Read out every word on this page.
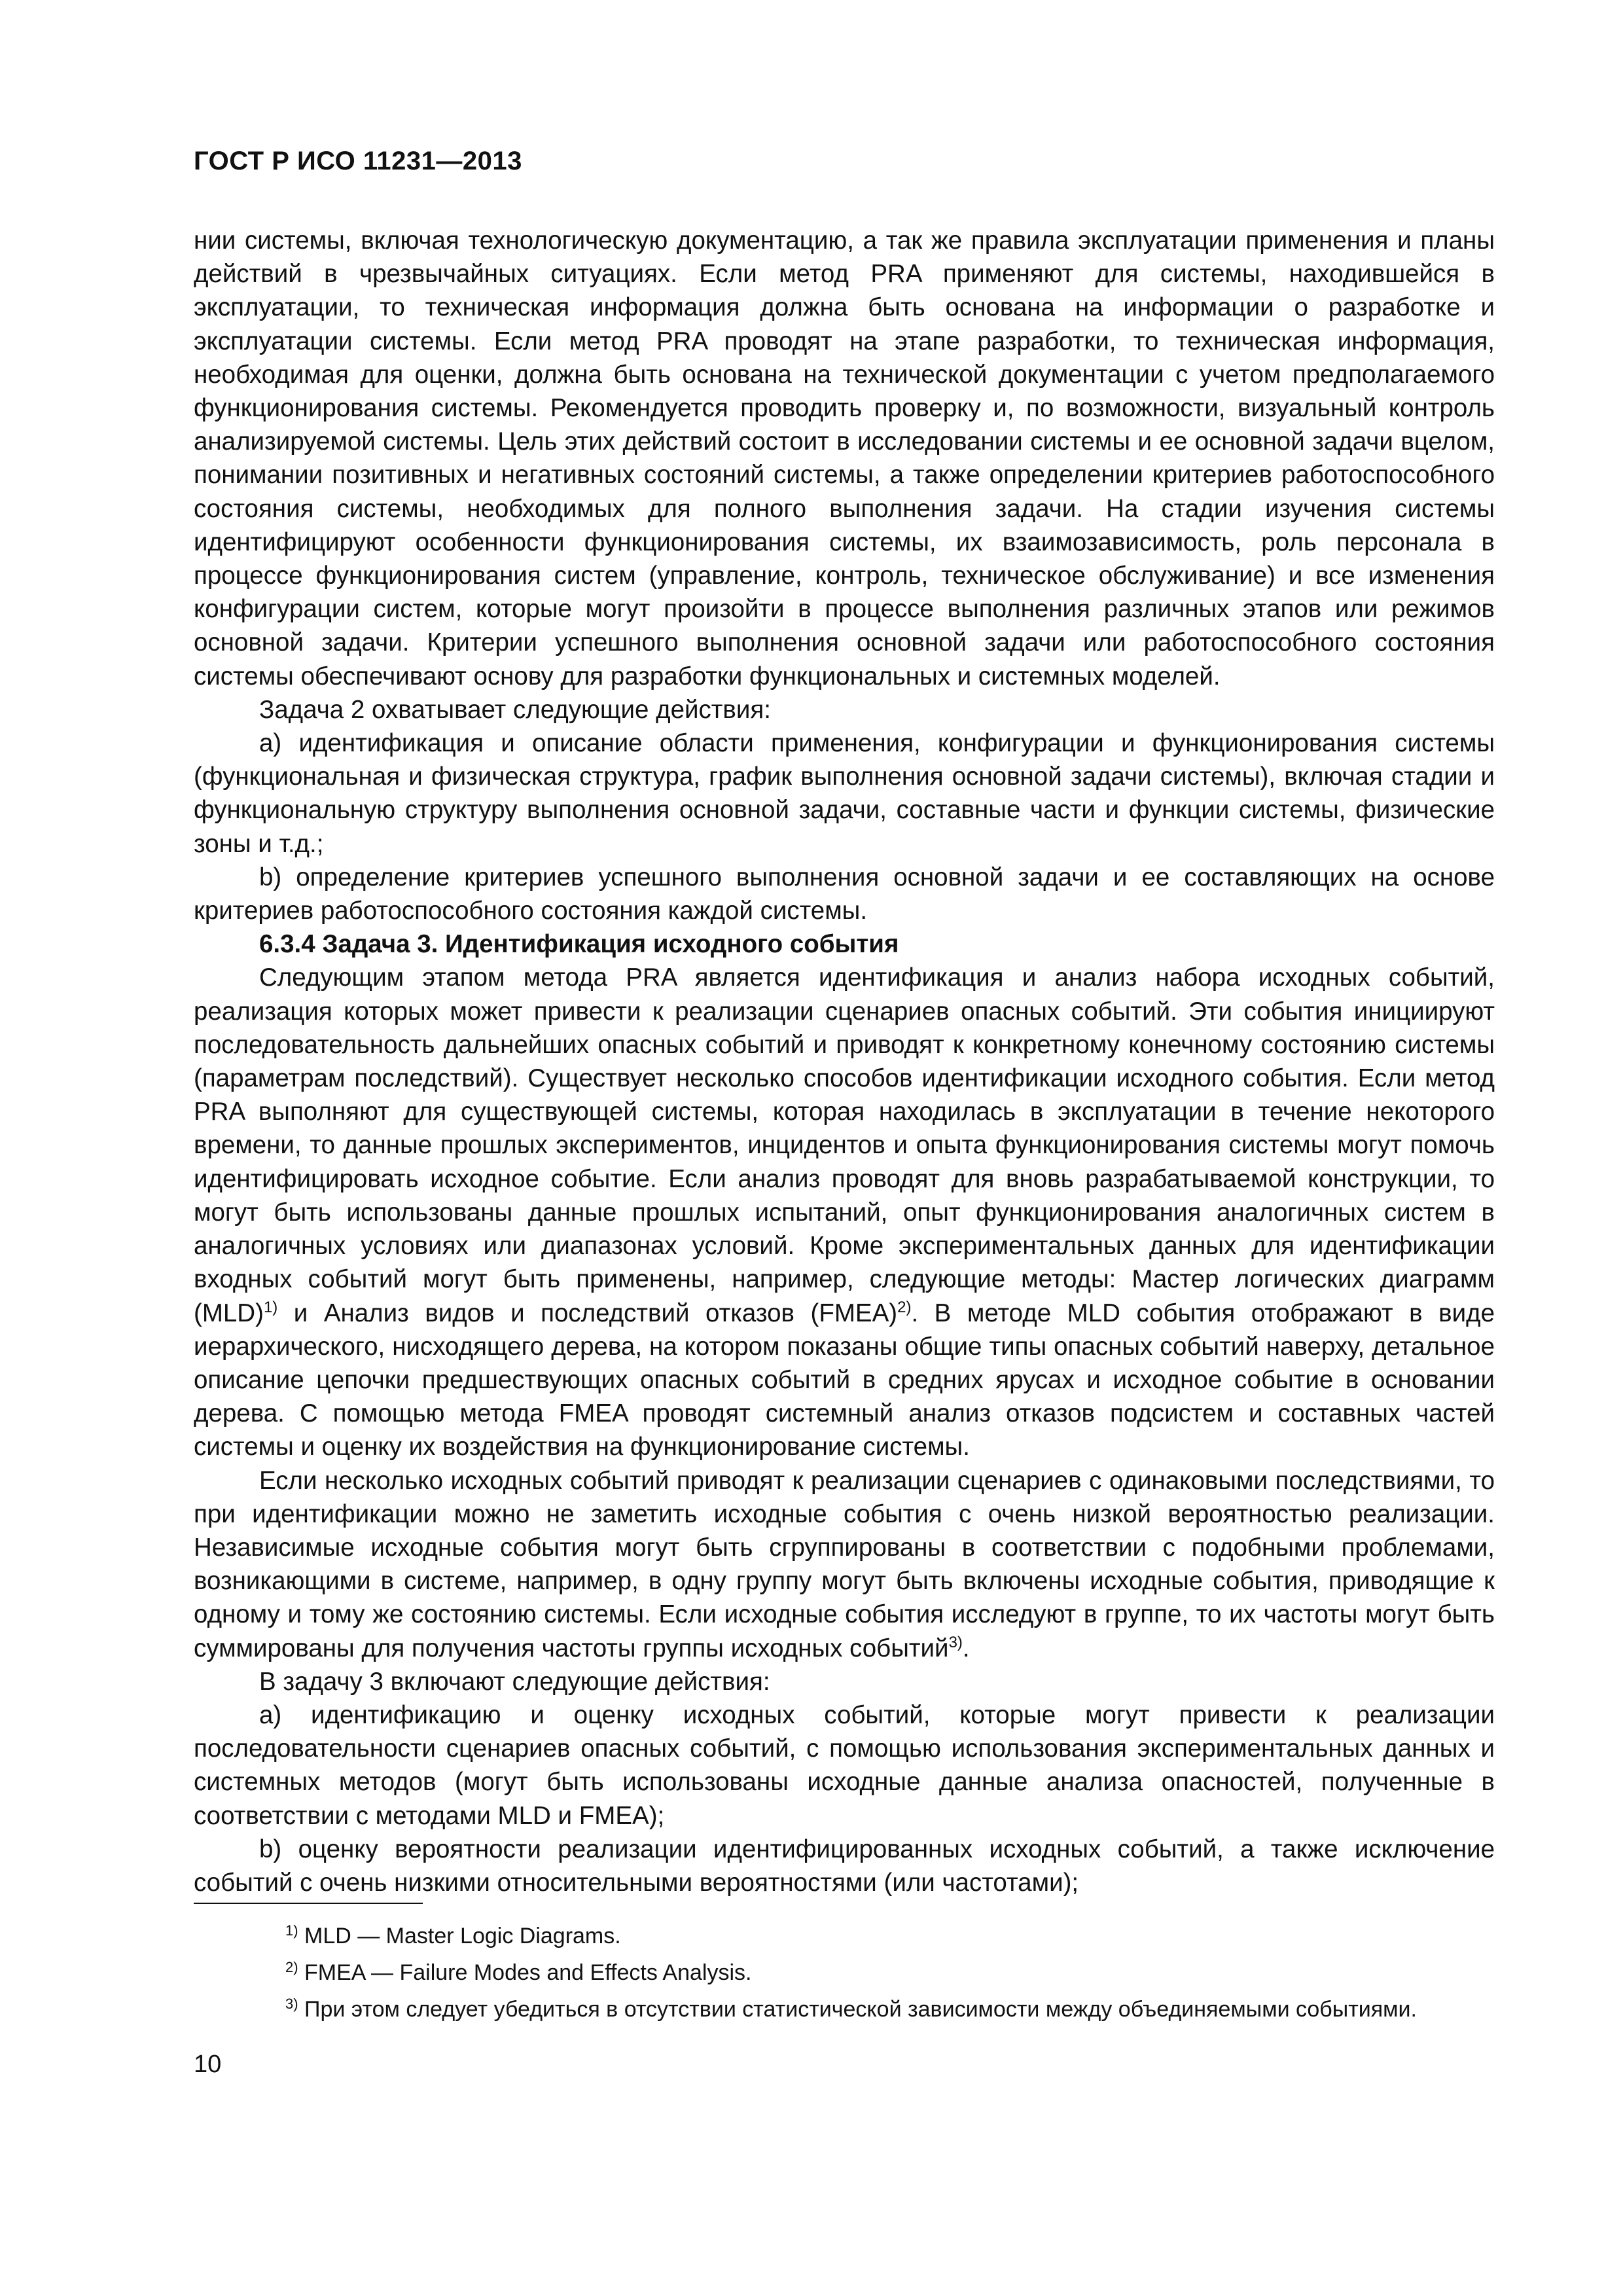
ГОСТ Р ИСО 11231—2013

нии системы, включая технологическую документацию, а так же правила эксплуатации применения и планы действий в чрезвычайных ситуациях. Если метод PRA применяют для системы, находившейся в эксплуатации, то техническая информация должна быть основана на информации о разработке и эксплуатации системы. Если метод PRA проводят на этапе разработки, то техническая информация, необходимая для оценки, должна быть основана на технической документации с учетом предполагаемого функционирования системы. Рекомендуется проводить проверку и, по возможности, визуальный контроль анализируемой системы. Цель этих действий состоит в исследовании системы и ее основной задачи вцелом, понимании позитивных и негативных состояний системы, а также определении критериев работоспособного состояния системы, необходимых для полного выполнения задачи. На стадии изучения системы идентифицируют особенности функционирования системы, их взаимозависимость, роль персонала в процессе функционирования систем (управление, контроль, техническое обслуживание) и все изменения конфигурации систем, которые могут произойти в процессе выполнения различных этапов или режимов основной задачи. Критерии успешного выполнения основной задачи или работоспособного состояния системы обеспечивают основу для разработки функциональных и системных моделей.

Задача 2 охватывает следующие действия:

а) идентификация и описание области применения, конфигурации и функционирования системы (функциональная и физическая структура, график выполнения основной задачи системы), включая стадии и функциональную структуру выполнения основной задачи, составные части и функции системы, физические зоны и т.д.;

b) определение критериев успешного выполнения основной задачи и ее составляющих на основе критериев работоспособного состояния каждой системы.

6.3.4 Задача 3. Идентификация исходного события

Следующим этапом метода PRA является идентификация и анализ набора исходных событий, реализация которых может привести к реализации сценариев опасных событий. Эти события инициируют последовательность дальнейших опасных событий и приводят к конкретному конечному состоянию системы (параметрам последствий). Существует несколько способов идентификации исходного события. Если метод PRA выполняют для существующей системы, которая находилась в эксплуатации в течение некоторого времени, то данные прошлых экспериментов, инцидентов и опыта функционирования системы могут помочь идентифицировать исходное событие. Если анализ проводят для вновь разрабатываемой конструкции, то могут быть использованы данные прошлых испытаний, опыт функционирования аналогичных систем в аналогичных условиях или диапазонах условий. Кроме экспериментальных данных для идентификации входных событий могут быть применены, например, следующие методы: Мастер логических диаграмм (MLD)$^{1)}$ и Анализ видов и последствий отказов (FMEA)$^{2)}$. В методе MLD события отображают в виде иерархического, нисходящего дерева, на котором показаны общие типы опасных событий наверху, детальное описание цепочки предшествующих опасных событий в средних ярусах и исходное событие в основании дерева. С помощью метода FMEA проводят системный анализ отказов подсистем и составных частей системы и оценку их воздействия на функционирование системы.

Если несколько исходных событий приводят к реализации сценариев с одинаковыми последствиями, то при идентификации можно не заметить исходные события с очень низкой вероятностью реализации. Независимые исходные события могут быть сгруппированы в соответствии с подобными проблемами, возникающими в системе, например, в одну группу могут быть включены исходные события, приводящие к одному и тому же состоянию системы. Если исходные события исследуют в группе, то их частоты могут быть суммированы для получения частоты группы исходных событий$^{3)}$.

В задачу 3 включают следующие действия:

а) идентификацию и оценку исходных событий, которые могут привести к реализации последовательности сценариев опасных событий, с помощью использования экспериментальных данных и системных методов (могут быть использованы исходные данные анализа опасностей, полученные в соответствии с методами MLD и FMEA);

b) оценку вероятности реализации идентифицированных исходных событий, а также исключение событий с очень низкими относительными вероятностями (или частотами);

$^{1)}$ MLD — Master Logic Diagrams.

$^{2)}$ FMEA — Failure Modes and Effects Analysis.

$^{3)}$ При этом следует убедиться в отсутствии статистической зависимости между объединяемыми событиями.

10
